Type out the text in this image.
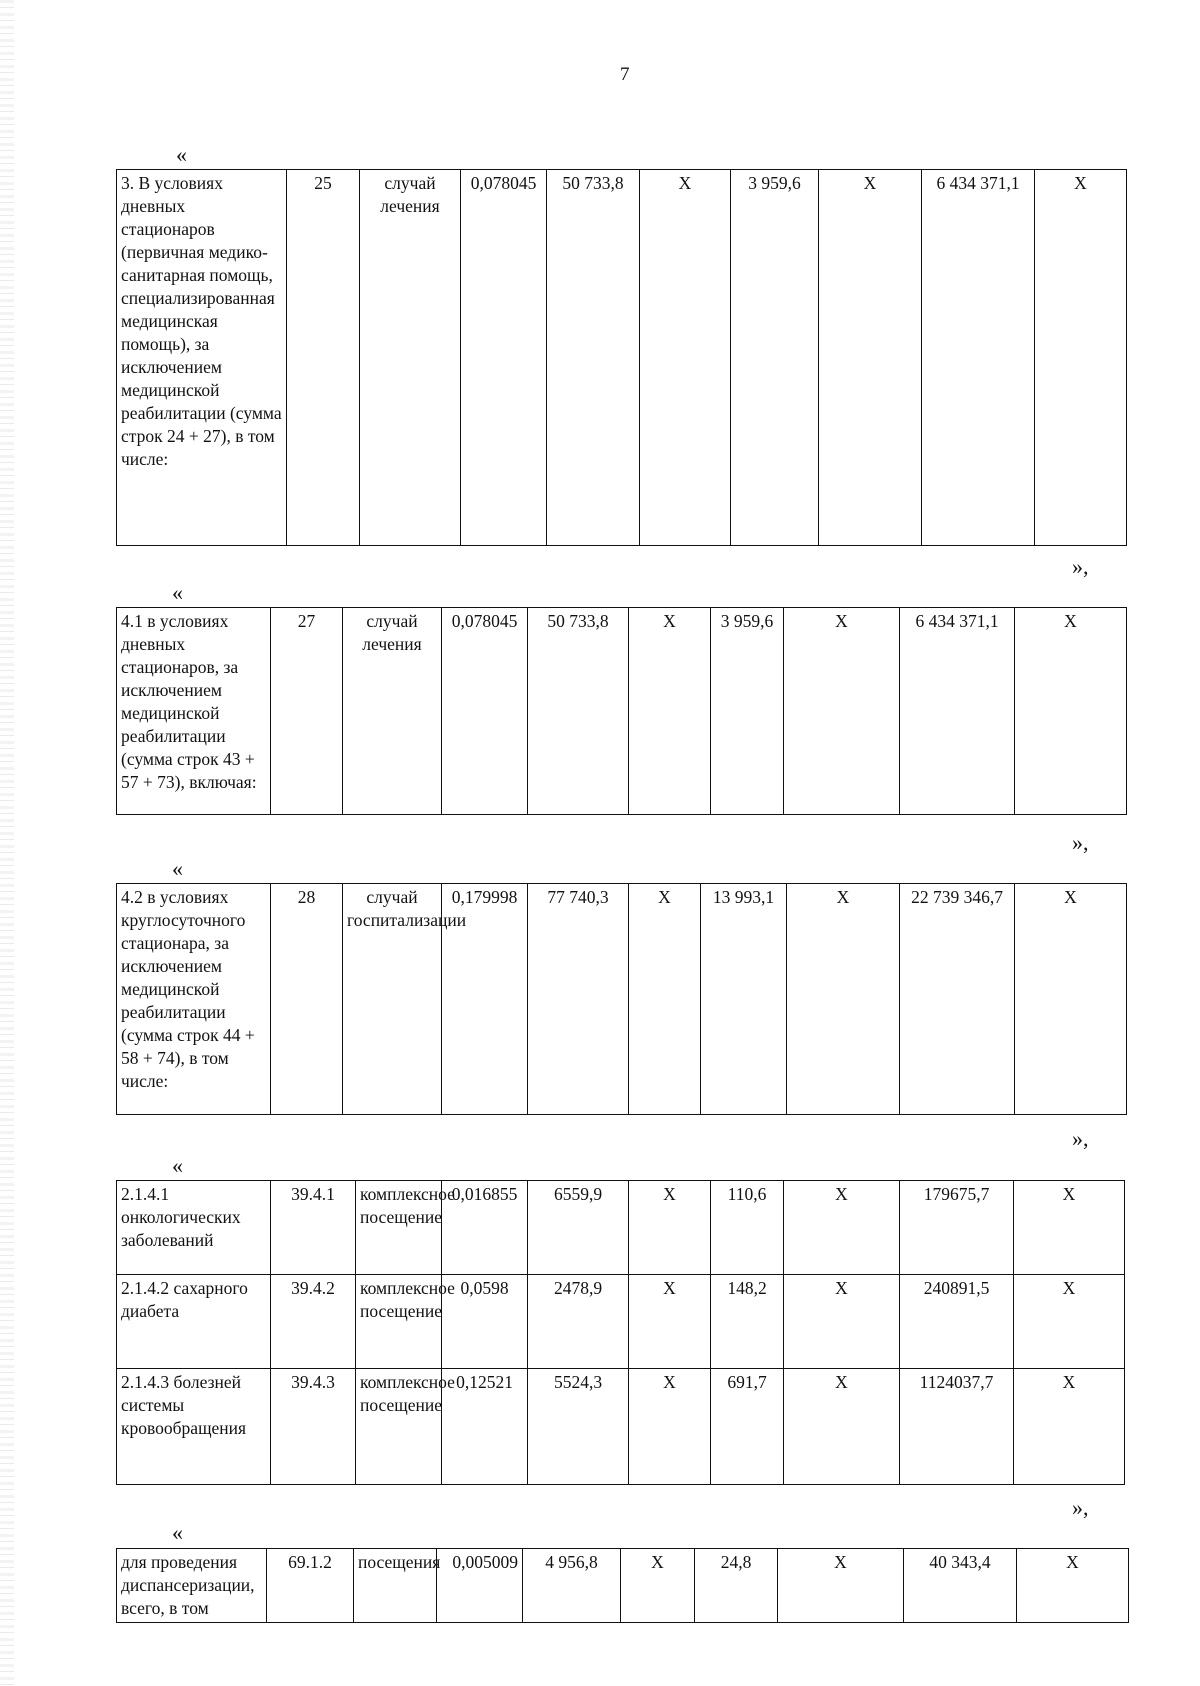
7
«
3. В условиях дневных стационаров (первичная медико-санитарная помощь, специализированная медицинская помощь), за исключением медицинской реабилитации (сумма строк 24 + 27), в том числе:	25	случай лечения	0,078045	50 733,8	Х	3 959,6	Х	6 434 371,1	Х
»,
«
4.1 в условиях дневных стационаров, за исключением медицинской реабилитации (сумма строк 43 + 57 + 73), включая:	27	случай лечения	0,078045	50 733,8	Х	3 959,6	Х	6 434 371,1	Х
»,
«
4.2 в условиях круглосуточного стационара, за исключением медицинской реабилитации (сумма строк 44 + 58 + 74), в том числе:	28	случай госпитализации	0,179998	77 740,3	Х	13 993,1	Х	22 739 346,7	Х
»,
«
2.1.4.1 онкологических заболеваний	39.4.1	комплексное посещение	0,016855	6559,9	Х	110,6	Х	179675,7	Х
2.1.4.2 сахарного диабета	39.4.2	комплексное посещение	0,0598	2478,9	Х	148,2	Х	240891,5	Х
2.1.4.3 болезней системы кровообращения	39.4.3	комплексное посещение	0,12521	5524,3	Х	691,7	Х	1124037,7	Х
»,
«
для проведения диспансеризации, всего, в том	69.1.2	посещения	0,005009	4 956,8	Х	24,8	Х	40 343,4	Х
